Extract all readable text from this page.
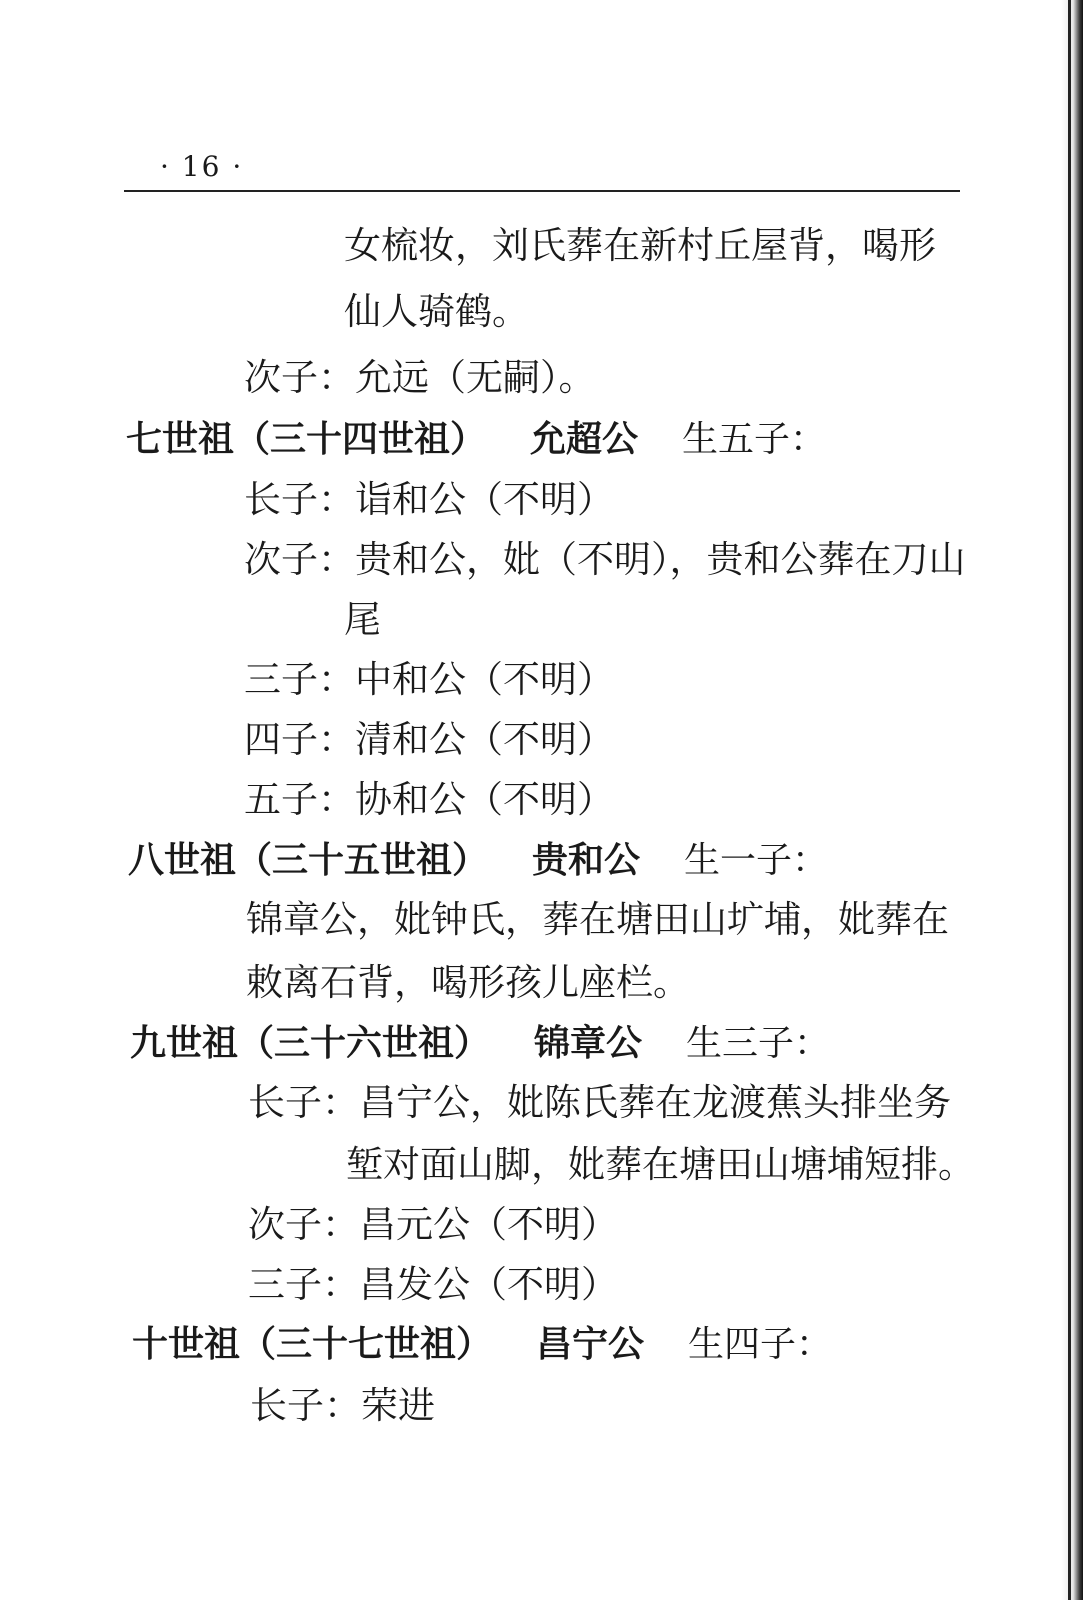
· 16 ·
女梳妆，刘氏葬在新村丘屋背，喝形
仙人骑鹤。
次子：允远（无嗣）。
七世祖（三十四世祖） 允超公 生五子：
长子：诣和公（不明）
次子：贵和公，妣（不明），贵和公葬在刀山
尾
三子：中和公（不明）
四子：清和公（不明）
五子：协和公（不明）
八世祖（三十五世祖） 贵和公 生一子：
锦章公，妣钟氏，葬在塘田山圹埔，妣葬在
敕离石背，喝形孩儿座栏。
九世祖（三十六世祖） 锦章公 生三子：
长子：昌宁公，妣陈氏葬在龙渡蕉头排坐务
堑对面山脚，妣葬在塘田山塘埔短排。
次子：昌元公（不明）
三子：昌发公（不明）
十世祖（三十七世祖） 昌宁公 生四子：
长子：荣进
